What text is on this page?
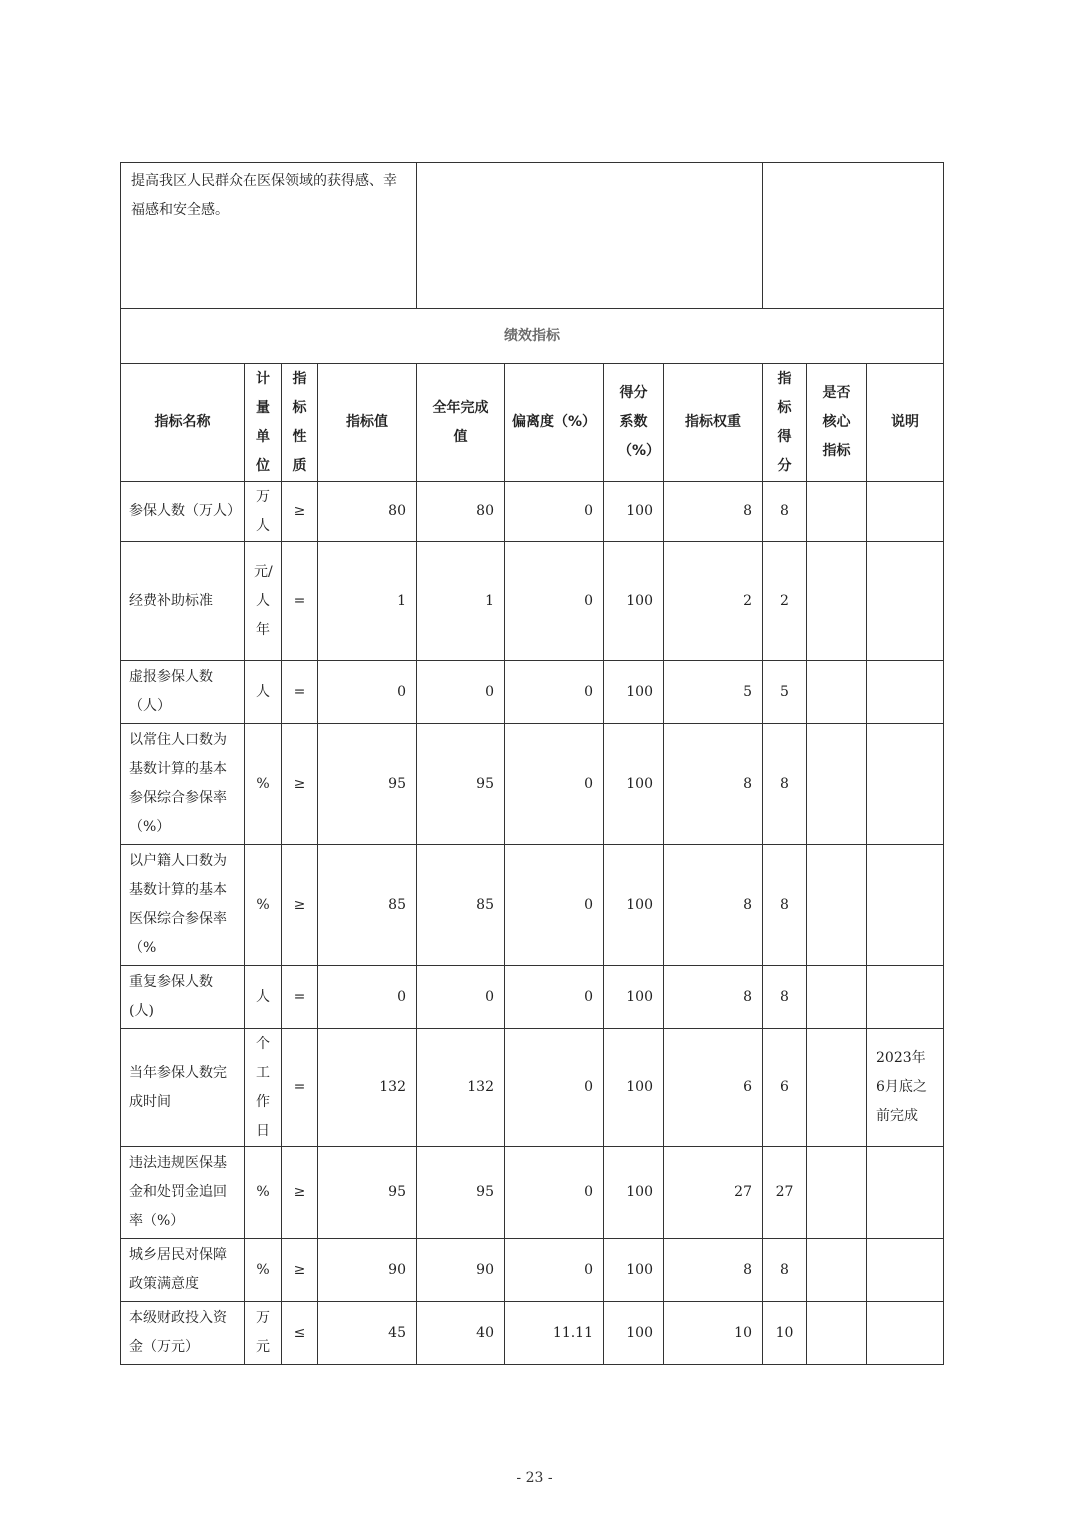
提高我区人民群众在医保领域的获得感、幸福感和安全感。		
绩效指标										
指标名称	计量单位	指标性质	指标值	全年完成值	偏离度（%）	得分系数（%）	指标权重	指标得分	是否核心指标	说明
参保人数（万人）	万人	≥	80	80	0	100	8	8		
经费补助标准	元/人年	=	1	1	0	100	2	2		
虚报参保人数（人）	人	=	0	0	0	100	5	5		
以常住人口数为基数计算的基本参保综合参保率（%）	%	≥	95	95	0	100	8	8		
以户籍人口数为基数计算的基本医保综合参保率（%	%	≥	85	85	0	100	8	8		
重复参保人数(人)	人	=	0	0	0	100	8	8		
当年参保人数完成时间	个工作日	=	132	132	0	100	6	6		2023年6月底之前完成
违法违规医保基金和处罚金追回率（%）	%	≥	95	95	0	100	27	27		
城乡居民对保障政策满意度	%	≥	90	90	0	100	8	8		
本级财政投入资金（万元）	万元	≤	45	40	11.11	100	10	10		
- 23 -
